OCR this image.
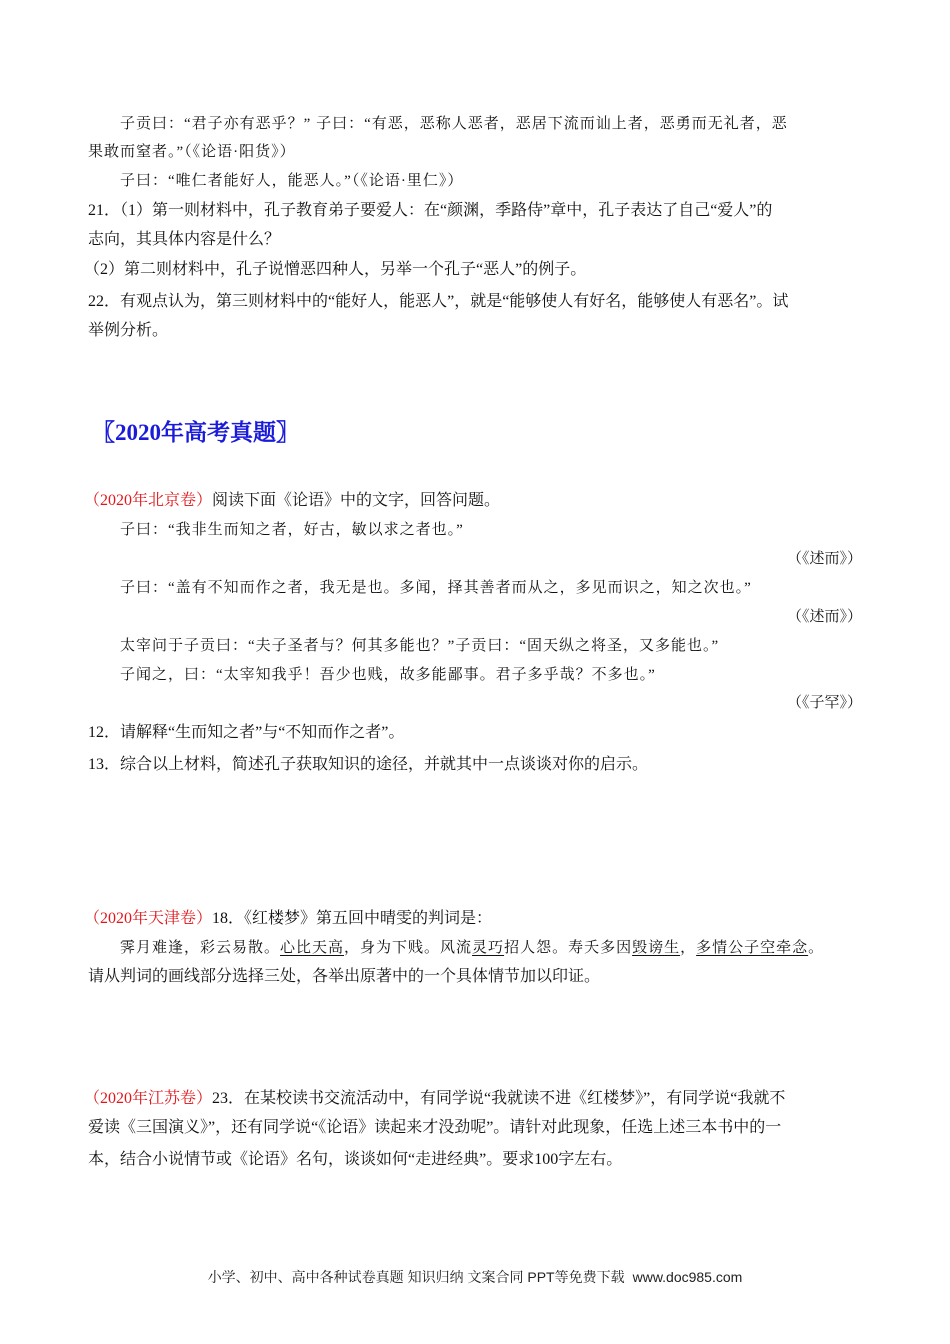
子贡曰：“君子亦有恶乎？” 子曰：“有恶，恶称人恶者，恶居下流而讪上者，恶勇而无礼者，恶
果敢而窒者。”（《论语·阳货》）
子曰：“唯仁者能好人，能恶人。”（《论语·里仁》）
21．（1）第一则材料中，孔子教育弟子要爱人：在“颜渊，季路侍”章中，孔子表达了自己“爱人”的
志向，其具体内容是什么？
（2）第二则材料中，孔子说憎恶四种人，另举一个孔子“恶人”的例子。
22．有观点认为，第三则材料中的“能好人，能恶人”，就是“能够使人有好名，能够使人有恶名”。试
举例分析。
〖2020年高考真题〗
（2020年北京卷）阅读下面《论语》中的文字，回答问题。
子曰：“我非生而知之者，好古，敏以求之者也。”
（《述而》）
子曰：“盖有不知而作之者，我无是也。多闻，择其善者而从之，多见而识之，知之次也。”
（《述而》）
太宰问于子贡曰：“夫子圣者与？何其多能也？”子贡曰：“固天纵之将圣，又多能也。”
子闻之，曰：“太宰知我乎！吾少也贱，故多能鄙事。君子多乎哉？不多也。”
（《子罕》）
12．请解释“生而知之者”与“不知而作之者”。
13．综合以上材料，简述孔子获取知识的途径，并就其中一点谈谈对你的启示。
（2020年天津卷）18．《红楼梦》第五回中晴雯的判词是：
霁月难逢，彩云易散。心比天高，身为下贱。风流灵巧招人怨。寿夭多因毁谤生，多情公子空牵念。
请从判词的画线部分选择三处，各举出原著中的一个具体情节加以印证。
（2020年江苏卷）23．在某校读书交流活动中，有同学说“我就读不进《红楼梦》”，有同学说“我就不
爱读《三国演义》”，还有同学说“《论语》读起来才没劲呢”。请针对此现象，任选上述三本书中的一
本，结合小说情节或《论语》名句，谈谈如何“走进经典”。要求100字左右。
小学、初中、高中各种试卷真题 知识归纳 文案合同 PPT等免费下载 www.doc985.com
